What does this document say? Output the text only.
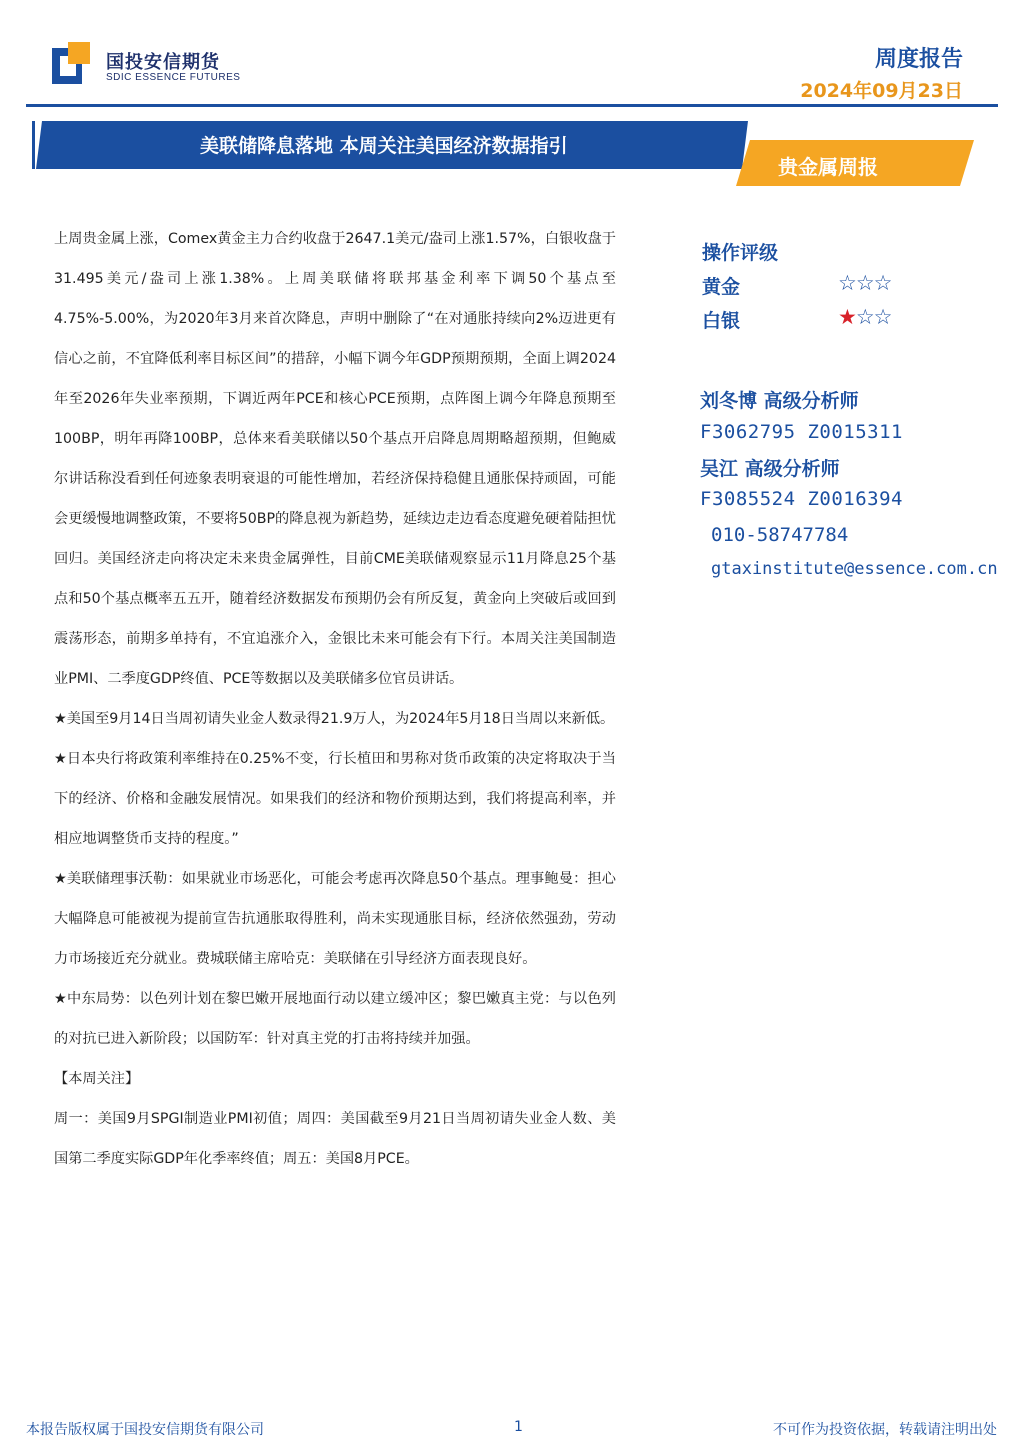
国投安信期货
SDIC ESSENCE FUTURES
周度报告
2024年09月23日
美联储降息落地 本周关注美国经济数据指引
贵金属周报

上周贵金属上涨，Comex黄金主力合约收盘于2647.1美元/盎司上涨1.57%，白银收盘于31.495美元/盎司上涨1.38%。上周美联储将联邦基金利率下调50个基点至4.75%-5.00%，为2020年3月来首次降息，声明中删除了“在对通胀持续向2%迈进更有信心之前，不宜降低利率目标区间”的措辞，小幅下调今年GDP预期预期，全面上调2024年至2026年失业率预期，下调近两年PCE和核心PCE预期，点阵图上调今年降息预期至100BP，明年再降100BP，总体来看美联储以50个基点开启降息周期略超预期，但鲍威尔讲话称没看到任何迹象表明衰退的可能性增加，若经济保持稳健且通胀保持顽固，可能会更缓慢地调整政策，不要将50BP的降息视为新趋势，延续边走边看态度避免硬着陆担忧回归。美国经济走向将决定未来贵金属弹性，目前CME美联储观察显示11月降息25个基点和50个基点概率五五开，随着经济数据发布预期仍会有所反复，黄金向上突破后或回到震荡形态，前期多单持有，不宜追涨介入，金银比未来可能会有下行。本周关注美国制造业PMI、二季度GDP终值、PCE等数据以及美联储多位官员讲话。

★美国至9月14日当周初请失业金人数录得21.9万人，为2024年5月18日当周以来新低。

★日本央行将政策利率维持在0.25%不变，行长植田和男称对货币政策的决定将取决于当下的经济、价格和金融发展情况。如果我们的经济和物价预期达到，我们将提高利率，并相应地调整货币支持的程度。”

★美联储理事沃勒：如果就业市场恶化，可能会考虑再次降息50个基点。理事鲍曼：担心大幅降息可能被视为提前宣告抗通胀取得胜利，尚未实现通胀目标，经济依然强劲，劳动力市场接近充分就业。费城联储主席哈克：美联储在引导经济方面表现良好。

★中东局势：以色列计划在黎巴嫩开展地面行动以建立缓冲区；黎巴嫩真主党：与以色列的对抗已进入新阶段；以国防军：针对真主党的打击将持续并加强。

【本周关注】

周一：美国9月SPGI制造业PMI初值；周四：美国截至9月21日当周初请失业金人数、美国第二季度实际GDP年化季率终值；周五：美国8月PCE。

操作评级
黄金	☆☆☆
白银	★☆☆
刘冬博 高级分析师
F3062795 Z0015311
吴江 高级分析师
F3085524 Z0016394
010-58747784
gtaxinstitute@essence.com.cn
本报告版权属于国投安信期货有限公司	1	不可作为投资依据，转载请注明出处
